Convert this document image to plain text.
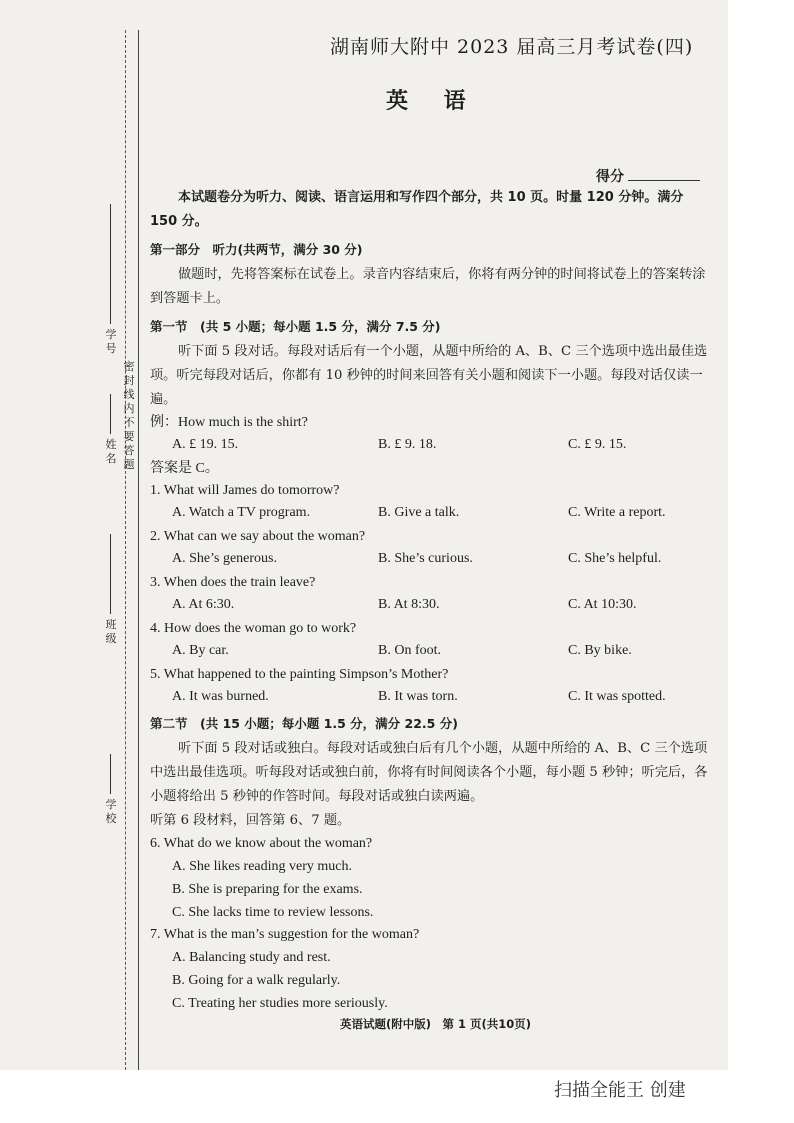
学 号
姓 名
班 级
学 校
密封线内不要答题
湖南师大附中 2023 届高三月考试卷(四)
英 语
得分

本试题卷分为听力、阅读、语言运用和写作四个部分，共 10 页。时量 120 分钟。满分 150 分。

第一部分　听力(共两节，满分 30 分)

做题时，先将答案标在试卷上。录音内容结束后，你将有两分钟的时间将试卷上的答案转涂到答题卡上。

第一节　(共 5 小题；每小题 1.5 分，满分 7.5 分)

听下面 5 段对话。每段对话后有一个小题，从题中所给的 A、B、C 三个选项中选出最佳选项。听完每段对话后，你都有 10 秒钟的时间来回答有关小题和阅读下一小题。每段对话仅读一遍。

例：How much is the shirt?

A. £ 19. 15.	B. £ 9. 18.	C. £ 9. 15.

答案是 C。

1. What will James do tomorrow?

A. Watch a TV program.	B. Give a talk.	C. Write a report.

2. What can we say about the woman?

A. She’s generous.	B. She’s curious.	C. She’s helpful.

3. When does the train leave?

A. At 6:30.	B. At 8:30.	C. At 10:30.

4. How does the woman go to work?

A. By car.	B. On foot.	C. By bike.

5. What happened to the painting Simpson’s Mother?

A. It was burned.	B. It was torn.	C. It was spotted.

第二节　(共 15 小题；每小题 1.5 分，满分 22.5 分)

听下面 5 段对话或独白。每段对话或独白后有几个小题，从题中所给的 A、B、C 三个选项中选出最佳选项。听每段对话或独白前，你将有时间阅读各个小题，每小题 5 秒钟；听完后，各小题将给出 5 秒钟的作答时间。每段对话或独白读两遍。

听第 6 段材料，回答第 6、7 题。

6. What do we know about the woman?

A. She likes reading very much.

B. She is preparing for the exams.

C. She lacks time to review lessons.

7. What is the man’s suggestion for the woman?

A. Balancing study and rest.

B. Going for a walk regularly.

C. Treating her studies more seriously.

英语试题(附中版)　第 1 页(共10页)
扫描全能王 创建
